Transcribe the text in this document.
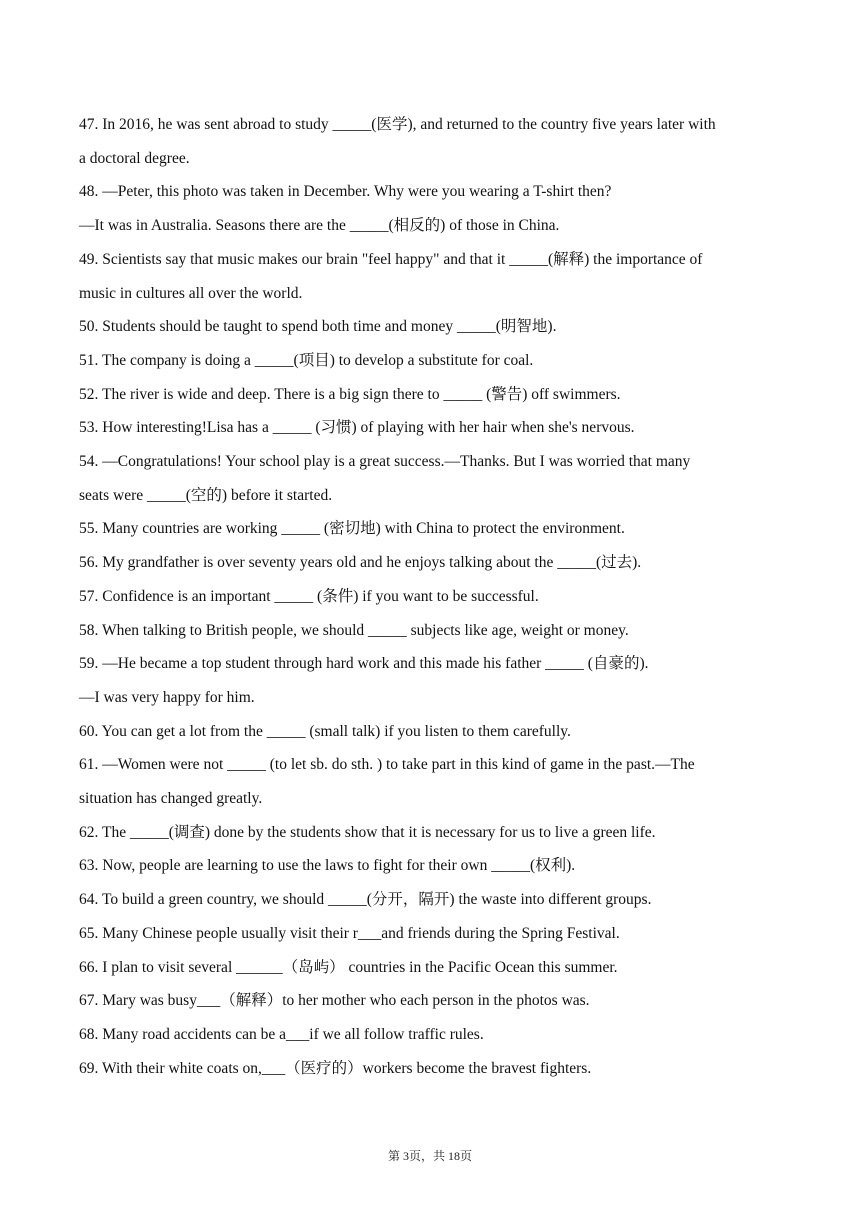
47. In 2016, he was sent abroad to study _____(医学), and returned to the country five years later with
a doctoral degree.
48. —Peter, this photo was taken in December. Why were you wearing a T-shirt then?
—It was in Australia. Seasons there are the _____(相反的) of those in China.
49. Scientists say that music makes our brain "feel happy" and that it _____(解释) the importance of
music in cultures all over the world.
50. Students should be taught to spend both time and money _____(明智地).
51. The company is doing a _____(项目) to develop a substitute for coal.
52. The river is wide and deep. There is a big sign there to _____ (警告) off swimmers.
53. How interesting!Lisa has a _____ (习惯) of playing with her hair when she's nervous.
54. —Congratulations! Your school play is a great success.—Thanks. But I was worried that many
seats were _____(空的) before it started.
55. Many countries are working _____ (密切地) with China to protect the environment.
56. My grandfather is over seventy years old and he enjoys talking about the _____(过去).
57. Confidence is an important _____ (条件) if you want to be successful.
58. When talking to British people, we should _____ subjects like age, weight or money.
59. —He became a top student through hard work and this made his father _____ (自豪的).
—I was very happy for him.
60. You can get a lot from the _____ (small talk) if you listen to them carefully.
61. —Women were not _____ (to let sb. do sth. ) to take part in this kind of game in the past.—The
situation has changed greatly.
62. The _____(调查) done by the students show that it is necessary for us to live a green life.
63. Now, people are learning to use the laws to fight for their own _____(权利).
64. To build a green country, we should _____(分开，隔开) the waste into different groups.
65. Many Chinese people usually visit their r___and friends during the Spring Festival.
66. I plan to visit several ______（岛屿） countries in the Pacific Ocean this summer.
67. Mary was busy___（解释）to her mother who each person in the photos was.
68. Many road accidents can be a___if we all follow traffic rules.
69. With their white coats on,___（医疗的）workers become the bravest fighters.
第 3页，共 18页
